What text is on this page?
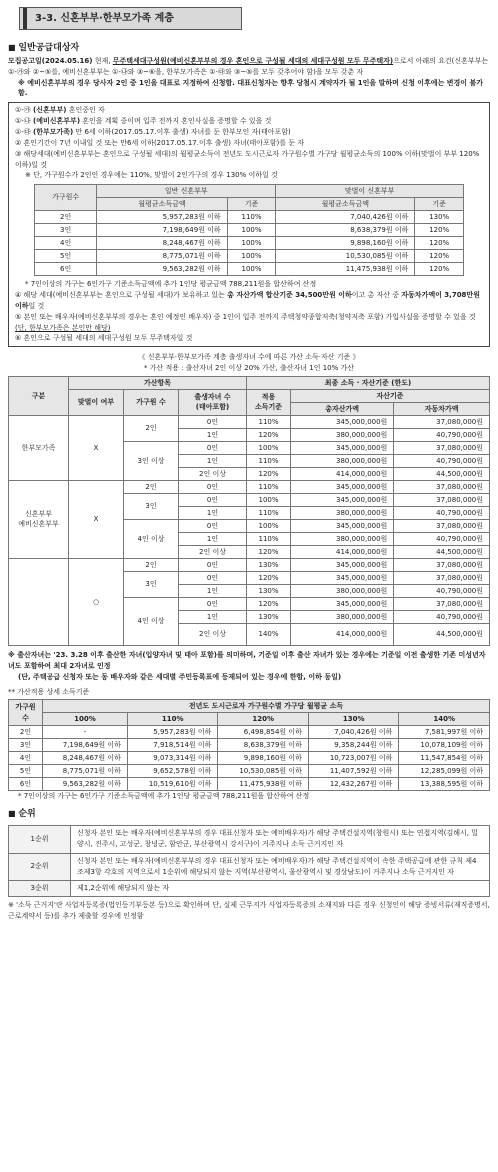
3-3. 신혼부부·한부모가족 계층
■ 일반공급대상자

모집공고일(2024.05.16) 현재, 무주택세대구성원(예비신혼부부의 경우 혼인으로 구성될 세대의 세대구성원 모두 무주택자)으로서 아래의 요건(신혼부부는 ①-㉮와 ②~⑤를, 예비신혼부부는 ①-㉯와 ③~⑥을, 한부모가족은 ①-㉰와 ③~⑤를 모두 갖추어야 함)을 모두 갖춘 자

※ 예비신혼부부의 경우 당사자 2인 중 1인을 대표로 지정하여 신청함. 대표신청자는 향후 당첨시 계약자가 될 1인을 말하며 신청 이후에는 변경이 불가함.

①-㉮ (신혼부부) 혼인중인 자

①-㉯ (예비신혼부부) 혼인을 계획 중이며 입주 전까지 혼인사실을 증명할 수 있을 것

①-㉰ (한부모가족) 만 6세 이하(2017.05.17.이후 출생) 자녀를 둔 한부모인 자(태아포함)

② 혼인기간이 7년 이내일 것 또는 만6세 이하(2017.05.17.이후 출생) 자녀(태아포함)를 둔 자

③ 해당세대(예비신혼부부는 혼인으로 구성될 세대)의 월평균소득이 전년도 도시근로자 가구원수별 가구당 월평균소득의 100% 이하(맞벌이 부부 120% 이하)일 것

※ 단, 가구원수가 2인인 경우에는 110%, 맞벌이 2인가구의 경우 130% 이하일 것

가구원수	일반 신혼부부		맞벌이 신혼부부	
	월평균소득금액	기준	월평균소득금액	기준
2인	5,957,283원 이하	110%	7,040,426원 이하	130%
3인	7,198,649원 이하	100%	8,638,379원 이하	120%
4인	8,248,467원 이하	100%	9,898,160원 이하	120%
5인	8,775,071원 이하	100%	10,530,085원 이하	120%
6인	9,563,282원 이하	100%	11,475,938원 이하	120%

* 7인이상의 가구는 6인가구 기준소득금액에 추가 1인당 평균금액 788,211원을 합산하여 산정

④ 해당 세대(예비신혼부부는 혼인으로 구성될 세대)가 보유하고 있는 총 자산가액 합산기준 34,500만원 이하이고 총 자산 중 자동차가액이 3,708만원 이하일 것

⑤ 본인 또는 배우자(예비신혼부부의 경우는 혼인 예정인 배우자) 중 1인이 입주 전까지 주택청약종합저축(청약저축 포함) 가입사실을 증명할 수 있을 것 (단, 한부모가족은 본인만 해당)

⑥ 혼인으로 구성될 세대의 세대구성원 모두 무주택자일 것

《 신혼부부·한부모가족 계층 출생자녀 수에 따른 가산 소득·자산 기준 》

* 가산 적용 : 출산자녀 2인 이상 20% 가산, 출산자녀 1인 10% 가산

구분	가산항목			최종 소득 · 자산기준 (한도)		
	맞벌이 여부	가구원 수	출생자녀 수
(태아포함)	적용
소득기준	자산기준	
					총자산가액	자동차가액
한부모가족	X	2인	0인	110%	345,000,000원	37,080,000원
			1인	120%	380,000,000원	40,790,000원
		3인 이상	0인	100%	345,000,000원	37,080,000원
			1인	110%	380,000,000원	40,790,000원
			2인 이상	120%	414,000,000원	44,500,000원
신혼부부
예비신혼부부	X	2인	0인	110%	345,000,000원	37,080,000원
		3인	0인	100%	345,000,000원	37,080,000원
			1인	110%	380,000,000원	40,790,000원
		4인 이상	0인	100%	345,000,000원	37,080,000원
			1인	110%	380,000,000원	40,790,000원
			2인 이상	120%	414,000,000원	44,500,000원
	○	2인	0인	130%	345,000,000원	37,080,000원
		3인	0인	120%	345,000,000원	37,080,000원
			1인	130%	380,000,000원	40,790,000원
		4인 이상	0인	120%	345,000,000원	37,080,000원
			1인	130%	380,000,000원	40,790,000원
			2인 이상	140%	414,000,000원	44,500,000원

※ 출산자녀는 '23. 3.28 이후 출산한 자녀(입양자녀 및 태아 포함)를 의미하며, 기준일 이후 출산 자녀가 있는 경우에는 기준일 이전 출생한 기존 미성년자녀도 포함하여 최대 2자녀로 인정

(단, 주택공급 신청자 또는 동 배우자와 같은 세대별 주민등록표에 등재되어 있는 경우에 한함, 이하 동일)

** 가산적용 상세 소득기준

가구원
수	전년도 도시근로자 가구원수별 가구당 월평균 소득				
	100%	110%	120%	130%	140%
2인	-	5,957,283원 이하	6,498,854원 이하	7,040,426원 이하	7,581,997원 이하
3인	7,198,649원 이하	7,918,514원 이하	8,638,379원 이하	9,358,244원 이하	10,078,109원 이하
4인	8,248,467원 이하	9,073,314원 이하	9,898,160원 이하	10,723,007원 이하	11,547,854원 이하
5인	8,775,071원 이하	9,652,578원 이하	10,530,085원 이하	11,407,592원 이하	12,285,099원 이하
6인	9,563,282원 이하	10,519,610원 이하	11,475,938원 이하	12,432,267원 이하	13,388,595원 이하

* 7인이상의 가구는 6인가구 기준소득금액에 추가 1인당 평균금액 788,211원을 합산하여 산정

■ 순위
1순위	신청자 본인 또는 배우자(예비신혼부부의 경우 대표신청자 또는 예비배우자)가 해당 주택건설지역(창원시) 또는 연접지역(김해시, 밀양시, 진주시, 고성군, 창녕군, 함안군, 부산광역시 강서구)이 거주지나 소득 근거지인 자
2순위	신청자 본인 또는 배우자(예비신혼부부의 경우 대표신청자 또는 예비배우자)가 해당 주택건설지역이 속한 주택공급에 관한 규칙 제4조제3항 각호의 지역으로서 1순위에 해당되지 않는 지역(부산광역시, 울산광역시 및 경상남도)이 거주지나 소득 근거지인 자
3순위	제1,2순위에 해당되지 않는 자

※ '소득 근거지'란 사업자등록증(법인등기부등본 등)으로 확인하며 단, 실제 근무지가 사업자등록증의 소재지와 다른 경우 신청인이 해당 증빙서류(재직증명서, 근로계약서 등)를 추가 제출할 경우에 인정함
